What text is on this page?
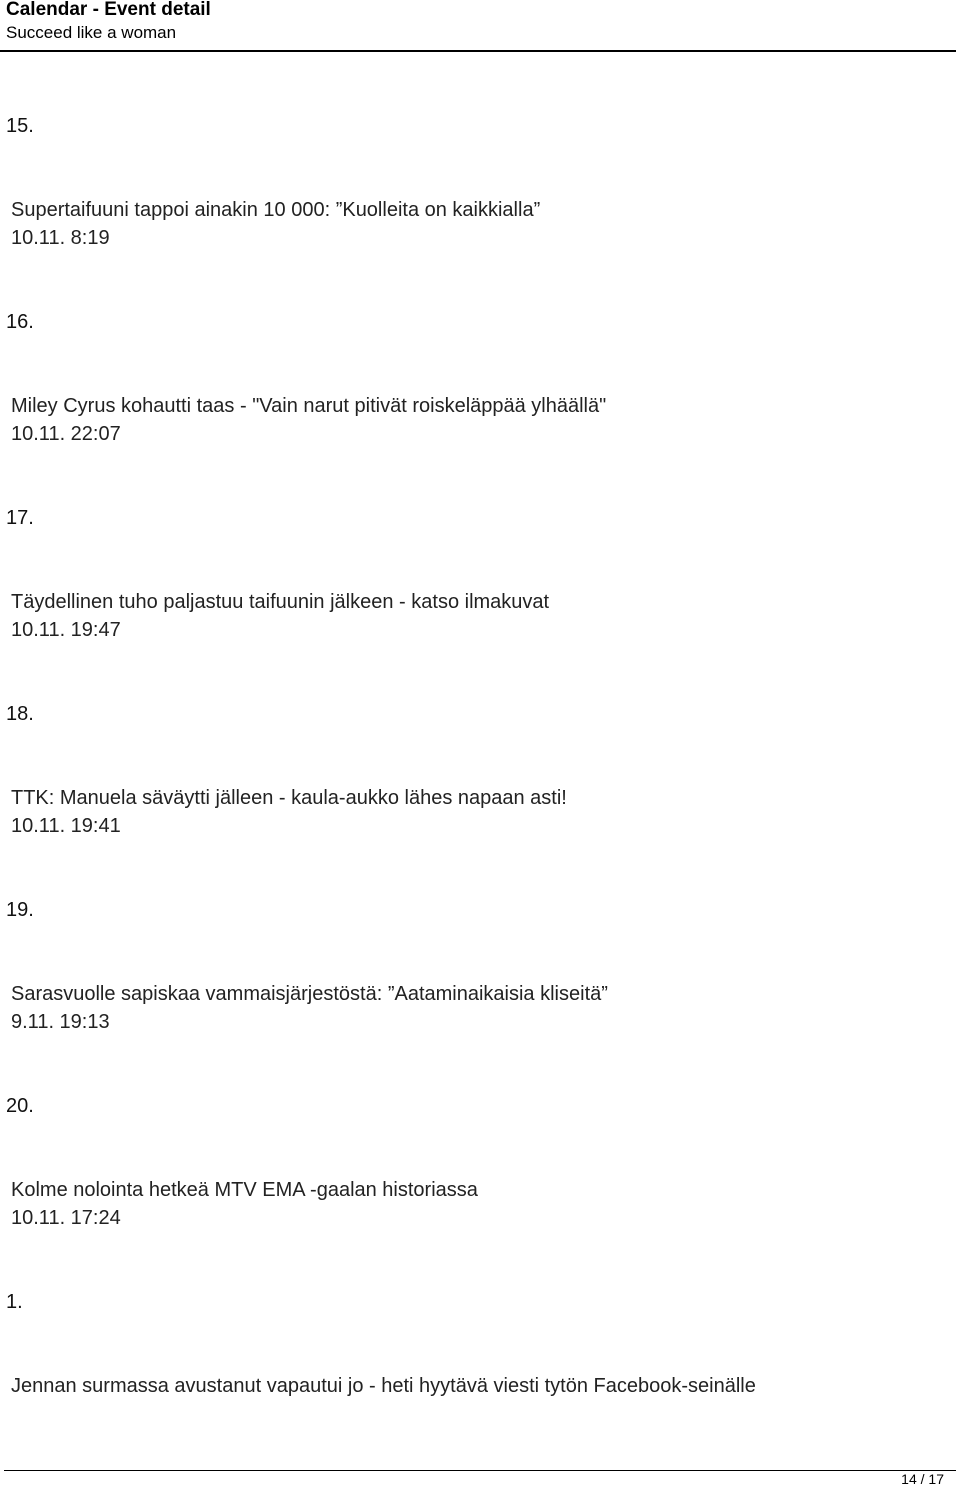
Calendar - Event detail
Succeed like a woman
15.
Supertaifuuni tappoi ainakin 10 000: ”Kuolleita on kaikkialla”
10.11. 8:19
16.
Miley Cyrus kohautti taas - "Vain narut pitivät roiskeläppää ylhäällä"
10.11. 22:07
17.
Täydellinen tuho paljastuu taifuunin jälkeen - katso ilmakuvat
10.11. 19:47
18.
TTK: Manuela säväytti jälleen - kaula-aukko lähes napaan asti!
10.11. 19:41
19.
Sarasvuolle sapiskaa vammaisjärjestöstä: ”Aataminaikaisia kliseitä”
9.11. 19:13
20.
Kolme nolointa hetkeä MTV EMA -gaalan historiassa
10.11. 17:24
1.
Jennan surmassa avustanut vapautui jo - heti hyytävä viesti tytön Facebook-seinälle
14 / 17
